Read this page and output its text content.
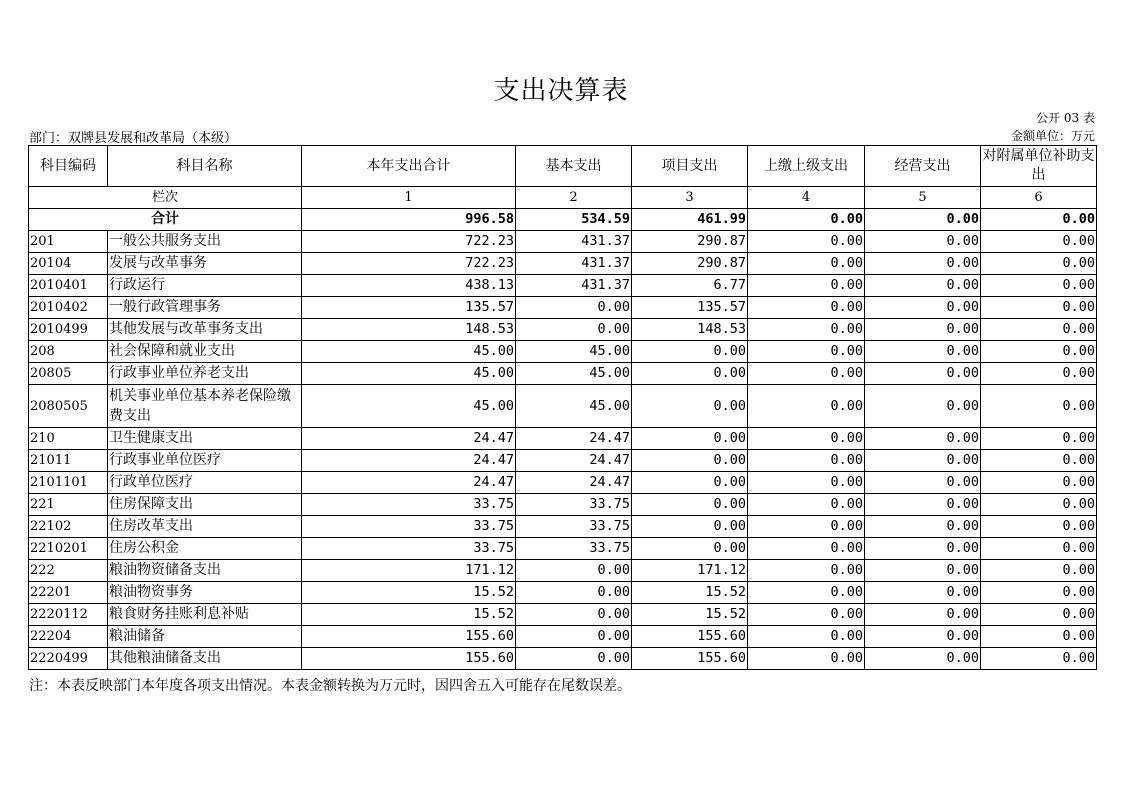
支出决算表
公开 03 表
部门：双牌县发展和改革局（本级）	金额单位：万元
科目编码	科目名称	本年支出合计	基本支出	项目支出	上缴上级支出	经营支出	对附属单位补助支出
栏次		1	2	3	4	5	6
合计		996.58	534.59	461.99	0.00	0.00	0.00
201	一般公共服务支出	722.23	431.37	290.87	0.00	0.00	0.00
20104	发展与改革事务	722.23	431.37	290.87	0.00	0.00	0.00
2010401	行政运行	438.13	431.37	6.77	0.00	0.00	0.00
2010402	一般行政管理事务	135.57	0.00	135.57	0.00	0.00	0.00
2010499	其他发展与改革事务支出	148.53	0.00	148.53	0.00	0.00	0.00
208	社会保障和就业支出	45.00	45.00	0.00	0.00	0.00	0.00
20805	行政事业单位养老支出	45.00	45.00	0.00	0.00	0.00	0.00
2080505	机关事业单位基本养老保险缴费支出	45.00	45.00	0.00	0.00	0.00	0.00
210	卫生健康支出	24.47	24.47	0.00	0.00	0.00	0.00
21011	行政事业单位医疗	24.47	24.47	0.00	0.00	0.00	0.00
2101101	行政单位医疗	24.47	24.47	0.00	0.00	0.00	0.00
221	住房保障支出	33.75	33.75	0.00	0.00	0.00	0.00
22102	住房改革支出	33.75	33.75	0.00	0.00	0.00	0.00
2210201	住房公积金	33.75	33.75	0.00	0.00	0.00	0.00
222	粮油物资储备支出	171.12	0.00	171.12	0.00	0.00	0.00
22201	粮油物资事务	15.52	0.00	15.52	0.00	0.00	0.00
2220112	粮食财务挂账利息补贴	15.52	0.00	15.52	0.00	0.00	0.00
22204	粮油储备	155.60	0.00	155.60	0.00	0.00	0.00
2220499	其他粮油储备支出	155.60	0.00	155.60	0.00	0.00	0.00
注：本表反映部门本年度各项支出情况。本表金额转换为万元时，因四舍五入可能存在尾数误差。
